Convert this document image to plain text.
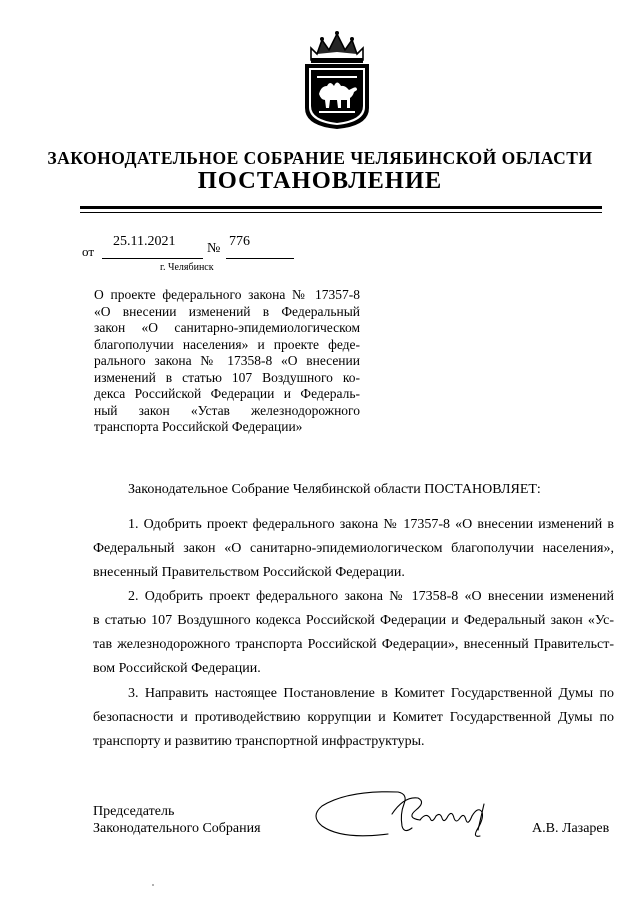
ЗАКОНОДАТЕЛЬНОЕ СОБРАНИЕ ЧЕЛЯБИНСКОЙ ОБЛАСТИ
ПОСТАНОВЛЕНИЕ
от
25.11.2021 № 776
г. Челябинск
О проекте федерального закона № 17357-8
«О внесении изменений в Федеральный
закон «О санитарно-эпидемиологическом
благополучии населения» и проекте феде-
рального закона № 17358-8 «О внесении
изменений в статью 107 Воздушного ко-
декса Российской Федерации и Федераль-
ный закон «Устав железнодорожного
транспорта Российской Федерации»
Законодательное Собрание Челябинской области ПОСТАНОВЛЯЕТ:
1. Одобрить проект федерального закона № 17357-8 «О внесении изменений в
Федеральный закон «О санитарно-эпидемиологическом благополучии населения»,
внесенный Правительством Российской Федерации.
2. Одобрить проект федерального закона № 17358-8 «О внесении изменений
в статью 107 Воздушного кодекса Российской Федерации и Федеральный закон «Ус-
тав железнодорожного транспорта Российской Федерации», внесенный Правительст-
вом Российской Федерации.
3. Направить настоящее Постановление в Комитет Государственной Думы по
безопасности и противодействию коррупции и Комитет Государственной Думы по
транспорту и развитию транспортной инфраструктуры.
Председатель
Законодательного Собрания	А.В. Лазарев
